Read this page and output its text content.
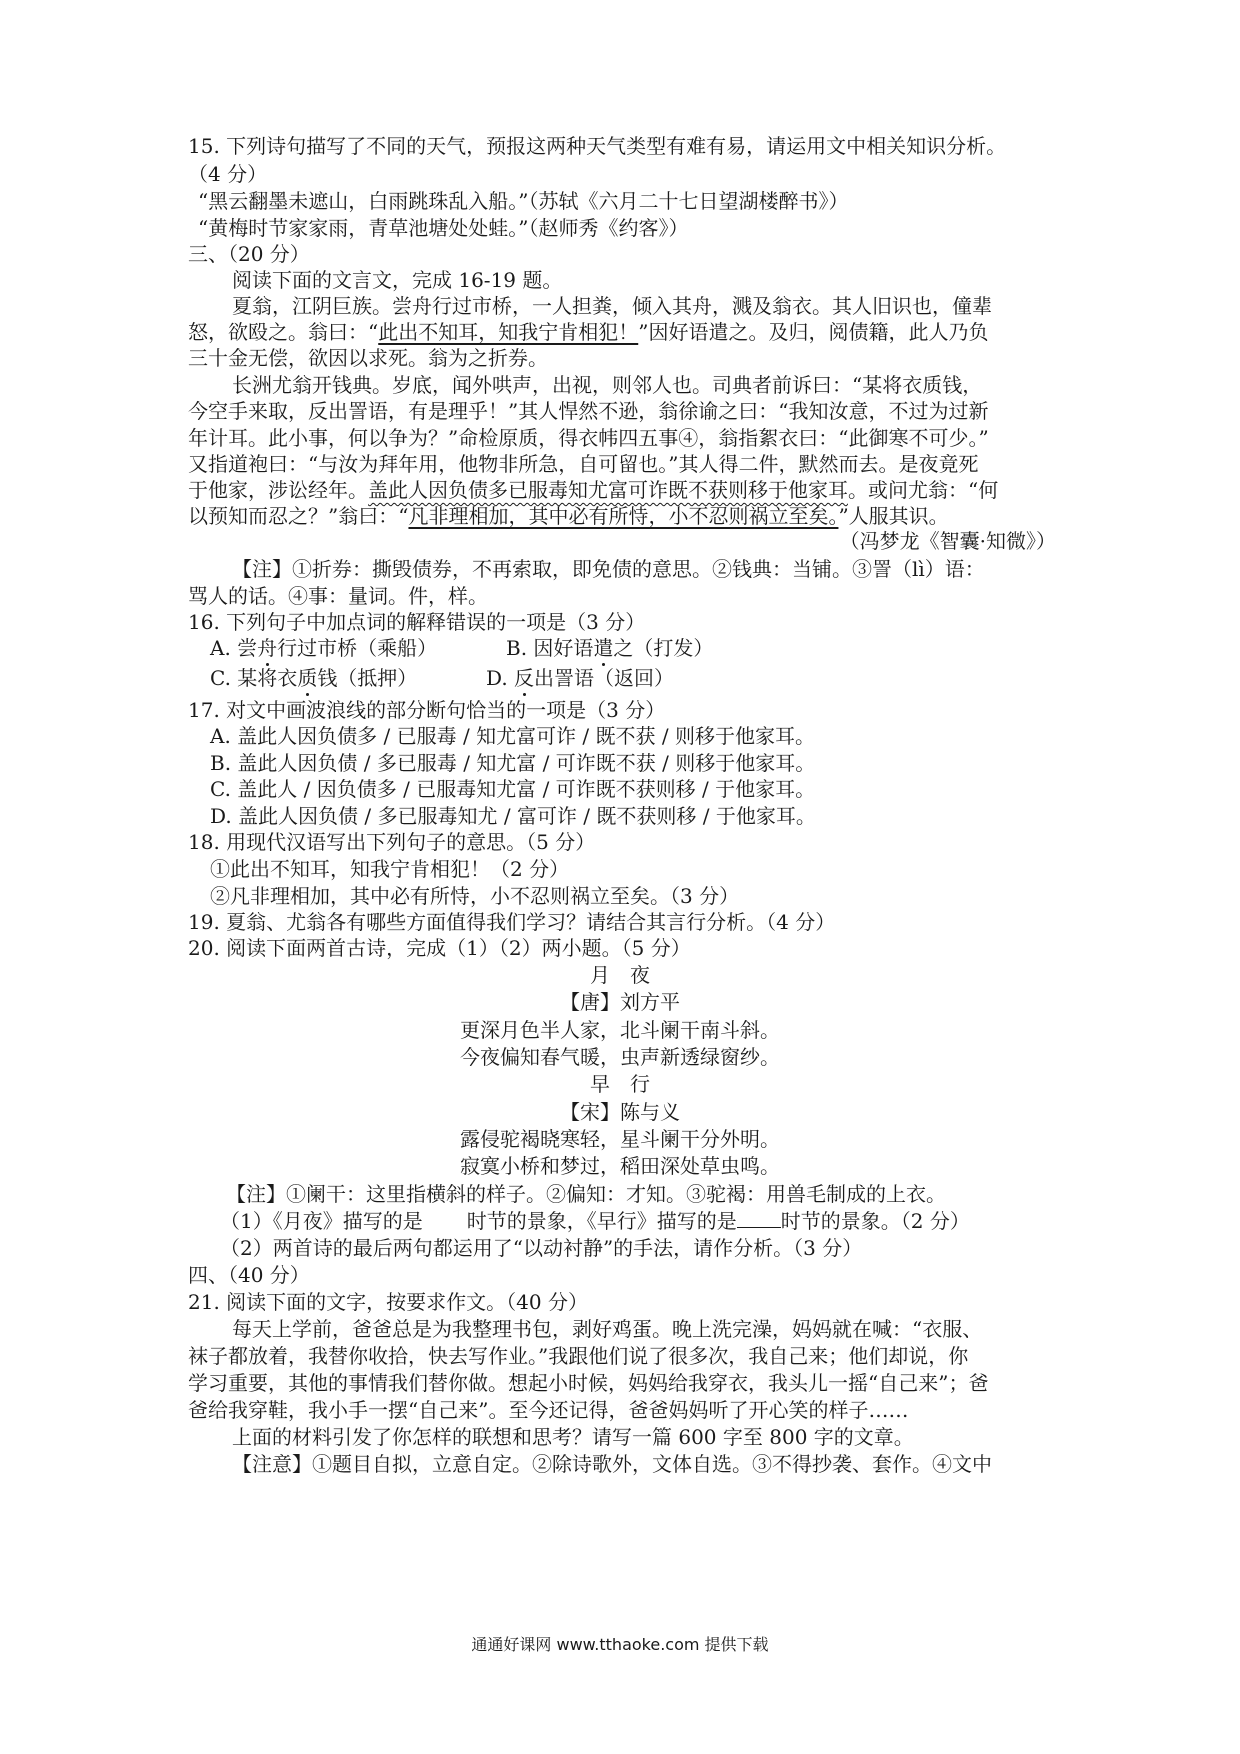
15. 下列诗句描写了不同的天气，预报这两种天气类型有难有易，请运用文中相关知识分析。
（4 分）
“黑云翻墨未遮山，白雨跳珠乱入船。”（苏轼《六月二十七日望湖楼醉书》）
“黄梅时节家家雨，青草池塘处处蛙。”（赵师秀《约客》）
三、（20 分）
阅读下面的文言文，完成 16-19 题。
夏翁，江阴巨族。尝舟行过市桥，一人担粪，倾入其舟，溅及翁衣。其人旧识也，僮辈
怒，欲殴之。翁曰：“此出不知耳，知我宁肯相犯！”因好语遣之。及归，阅债籍，此人乃负
三十金无偿，欲因以求死。翁为之折券。
长洲尤翁开钱典。岁底，闻外哄声，出视，则邻人也。司典者前诉曰：“某将衣质钱，
今空手来取，反出詈语，有是理乎！”其人悍然不逊，翁徐谕之曰：“我知汝意，不过为过新
年计耳。此小事，何以争为？”命检原质，得衣帏四五事④，翁指絮衣曰：“此御寒不可少。”
又指道袍曰：“与汝为拜年用，他物非所急，自可留也。”其人得二件，默然而去。是夜竟死
于他家，涉讼经年。盖此人因负债多已服毒知尤富可诈既不获则移于他家耳。或问尤翁：“何
以预知而忍之？”翁曰：“凡非理相加，其中必有所恃，小不忍则祸立至矣。”人服其识。
（冯梦龙《智囊·知微》）
【注】①折券：撕毁债券，不再索取，即免债的意思。②钱典：当铺。③詈（lì）语：
骂人的话。④事：量词。件，样。
16. 下列句子中加点词的解释错误的一项是（3 分）
A. 尝舟行过市桥（乘船）	B. 因好语遣之（打发）
C. 某将衣质钱（抵押）	D. 反出詈语（返回）
17. 对文中画波浪线的部分断句恰当的一项是（3 分）
A. 盖此人因负债多 / 已服毒 / 知尤富可诈 / 既不获 / 则移于他家耳。
B. 盖此人因负债 / 多已服毒 / 知尤富 / 可诈既不获 / 则移于他家耳。
C. 盖此人 / 因负债多 / 已服毒知尤富 / 可诈既不获则移 / 于他家耳。
D. 盖此人因负债 / 多已服毒知尤 / 富可诈 / 既不获则移 / 于他家耳。
18. 用现代汉语写出下列句子的意思。（5 分）
①此出不知耳，知我宁肯相犯！（2 分）
②凡非理相加，其中必有所恃，小不忍则祸立至矣。（3 分）
19. 夏翁、尤翁各有哪些方面值得我们学习？请结合其言行分析。（4 分）
20. 阅读下面两首古诗，完成（1）（2）两小题。（5 分）
月　夜
【唐】刘方平
更深月色半人家，北斗阑干南斗斜。
今夜偏知春气暖，虫声新透绿窗纱。
早　行
【宋】陈与义
露侵驼褐晓寒轻，星斗阑干分外明。
寂寞小桥和梦过，稻田深处草虫鸣。
【注】①阑干：这里指横斜的样子。②偏知：才知。③驼褐：用兽毛制成的上衣。
（1）《月夜》描写的是 时节的景象，《早行》描写的是 时节的景象。（2 分）
（2）两首诗的最后两句都运用了“以动衬静”的手法，请作分析。（3 分）
四、（40 分）
21. 阅读下面的文字，按要求作文。（40 分）
每天上学前，爸爸总是为我整理书包，剥好鸡蛋。晚上洗完澡，妈妈就在喊：“衣服、
袜子都放着，我替你收拾，快去写作业。”我跟他们说了很多次，我自己来；他们却说，你
学习重要，其他的事情我们替你做。想起小时候，妈妈给我穿衣，我头儿一摇“自己来”；爸
爸给我穿鞋，我小手一摆“自己来”。至今还记得，爸爸妈妈听了开心笑的样子……
上面的材料引发了你怎样的联想和思考？请写一篇 600 字至 800 字的文章。
【注意】①题目自拟，立意自定。②除诗歌外，文体自选。③不得抄袭、套作。④文中
通通好课网 www.tthaoke.com 提供下载
